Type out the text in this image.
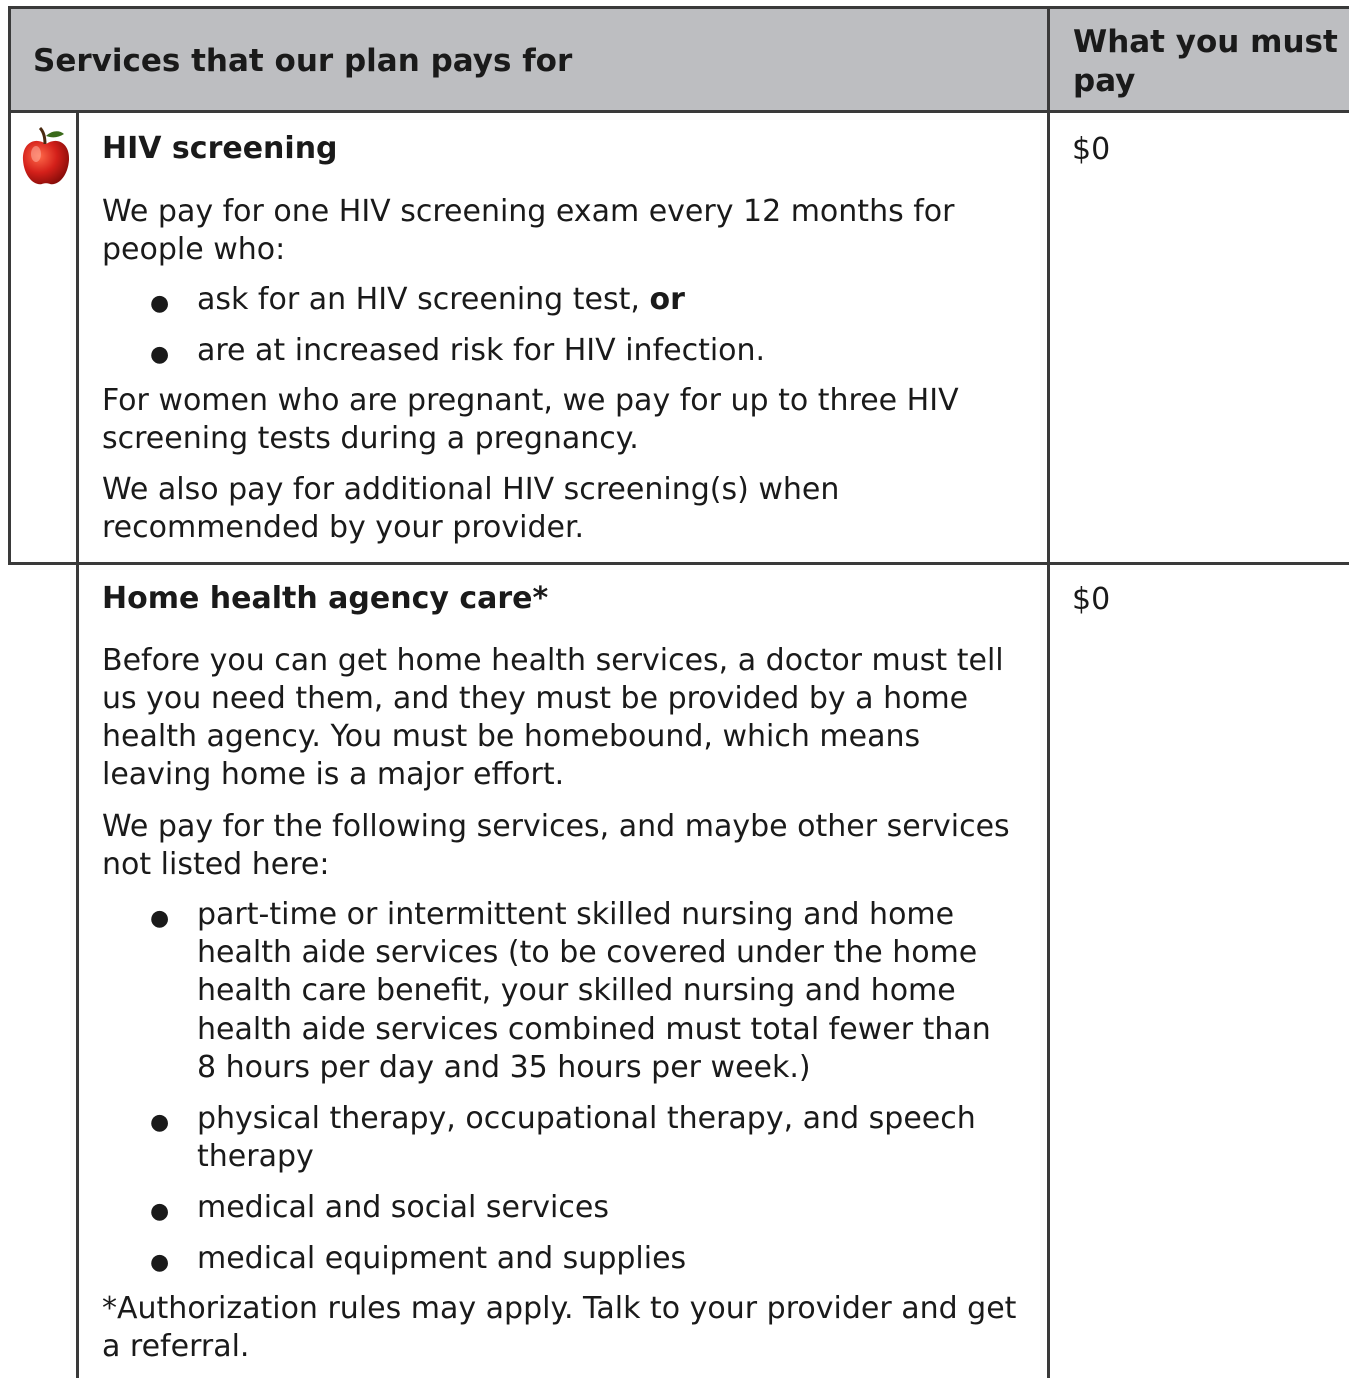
Services that our plan pays for
What you must
pay
HIV screening
We pay for one HIV screening exam every 12 months for
people who:
● ask for an HIV screening test, or
● are at increased risk for HIV infection.
For women who are pregnant, we pay for up to three HIV
screening tests during a pregnancy.
We also pay for additional HIV screening(s) when
recommended by your provider.
$0
Home health agency care*
Before you can get home health services, a doctor must tell
us you need them, and they must be provided by a home
health agency. You must be homebound, which means
leaving home is a major effort.
We pay for the following services, and maybe other services
not listed here:
● part-time or intermittent skilled nursing and home
health aide services (to be covered under the home
health care benefit, your skilled nursing and home
health aide services combined must total fewer than
8 hours per day and 35 hours per week.)
● physical therapy, occupational therapy, and speech
therapy
● medical and social services
● medical equipment and supplies
*Authorization rules may apply. Talk to your provider and get
a referral.
$0
